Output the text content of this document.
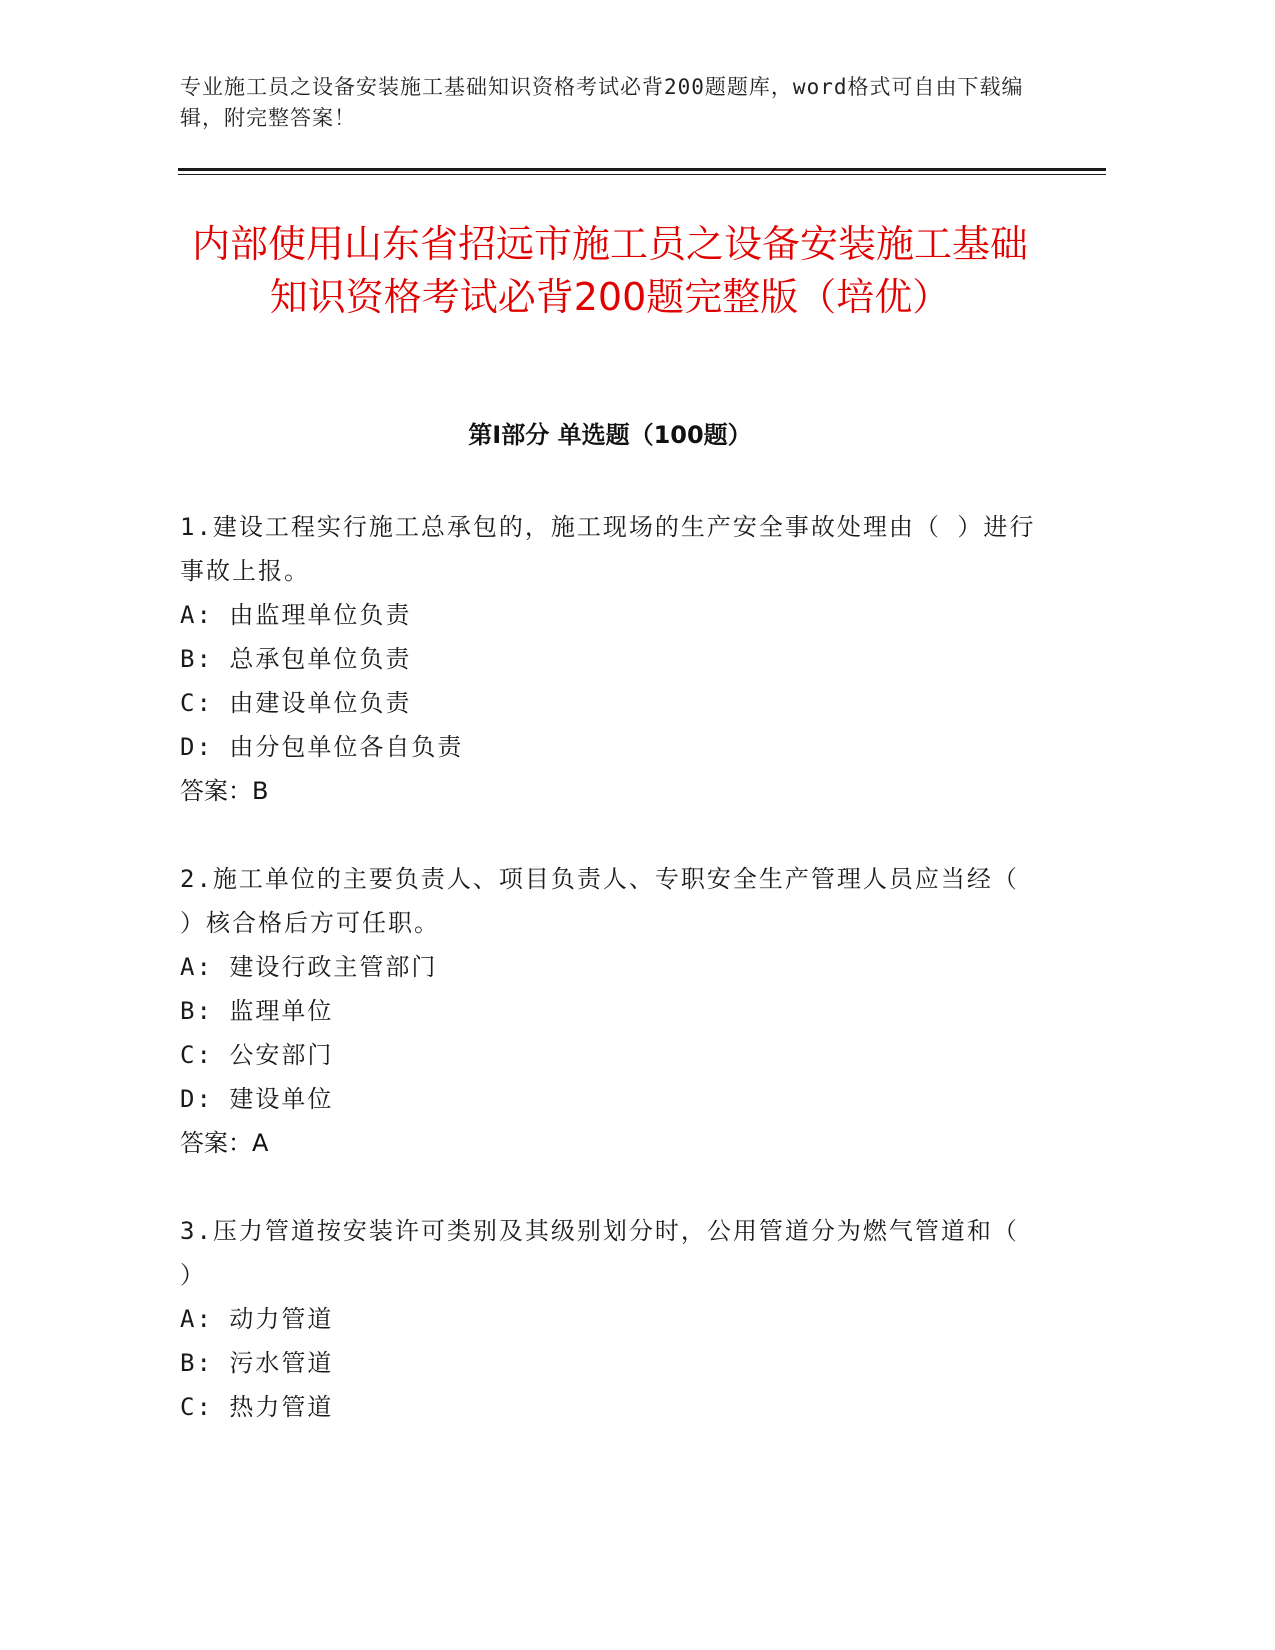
专业施工员之设备安装施工基础知识资格考试必背200题题库，word格式可自由下载编辑，附完整答案！
内部使用山东省招远市施工员之设备安装施工基础知识资格考试必背200题完整版（培优）
第Ⅰ部分 单选题（100题）

1.建设工程实行施工总承包的，施工现场的生产安全事故处理由（ ）进行事故上报。

A: 由监理单位负责

B: 总承包单位负责

C: 由建设单位负责

D: 由分包单位各自负责

答案：B

2.施工单位的主要负责人、项目负责人、专职安全生产管理人员应当经（ ）核合格后方可任职。

A: 建设行政主管部门

B: 监理单位

C: 公安部门

D: 建设单位

答案：A

3.压力管道按安装许可类别及其级别划分时，公用管道分为燃气管道和（ ）

A: 动力管道

B: 污水管道

C: 热力管道
